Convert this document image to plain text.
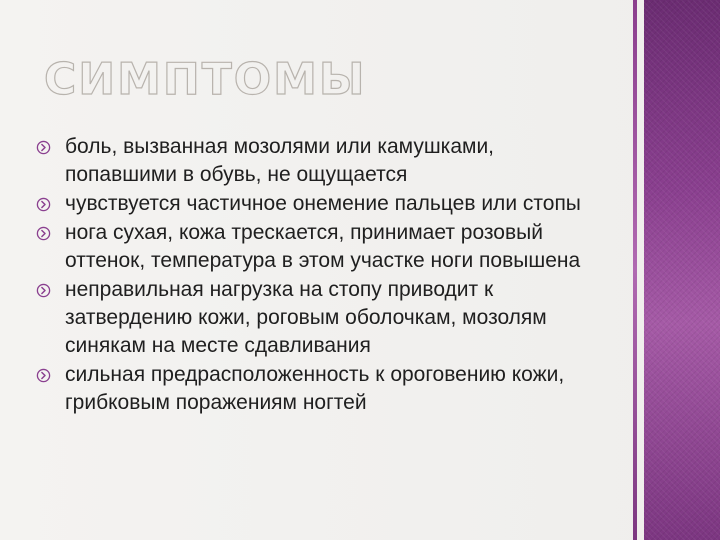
СИМПТОМЫ
боль, вызванная мозолями или камушками, попавшими в обувь, не ощущается
чувствуется частичное онемение пальцев или стопы
нога сухая, кожа трескается, принимает розовый оттенок, температура в этом участке ноги повышена
неправильная нагрузка на стопу приводит к затвердению кожи, роговым оболочкам, мозолям синякам на месте сдавливания
сильная предрасположенность к ороговению кожи, грибковым поражениям ногтей
